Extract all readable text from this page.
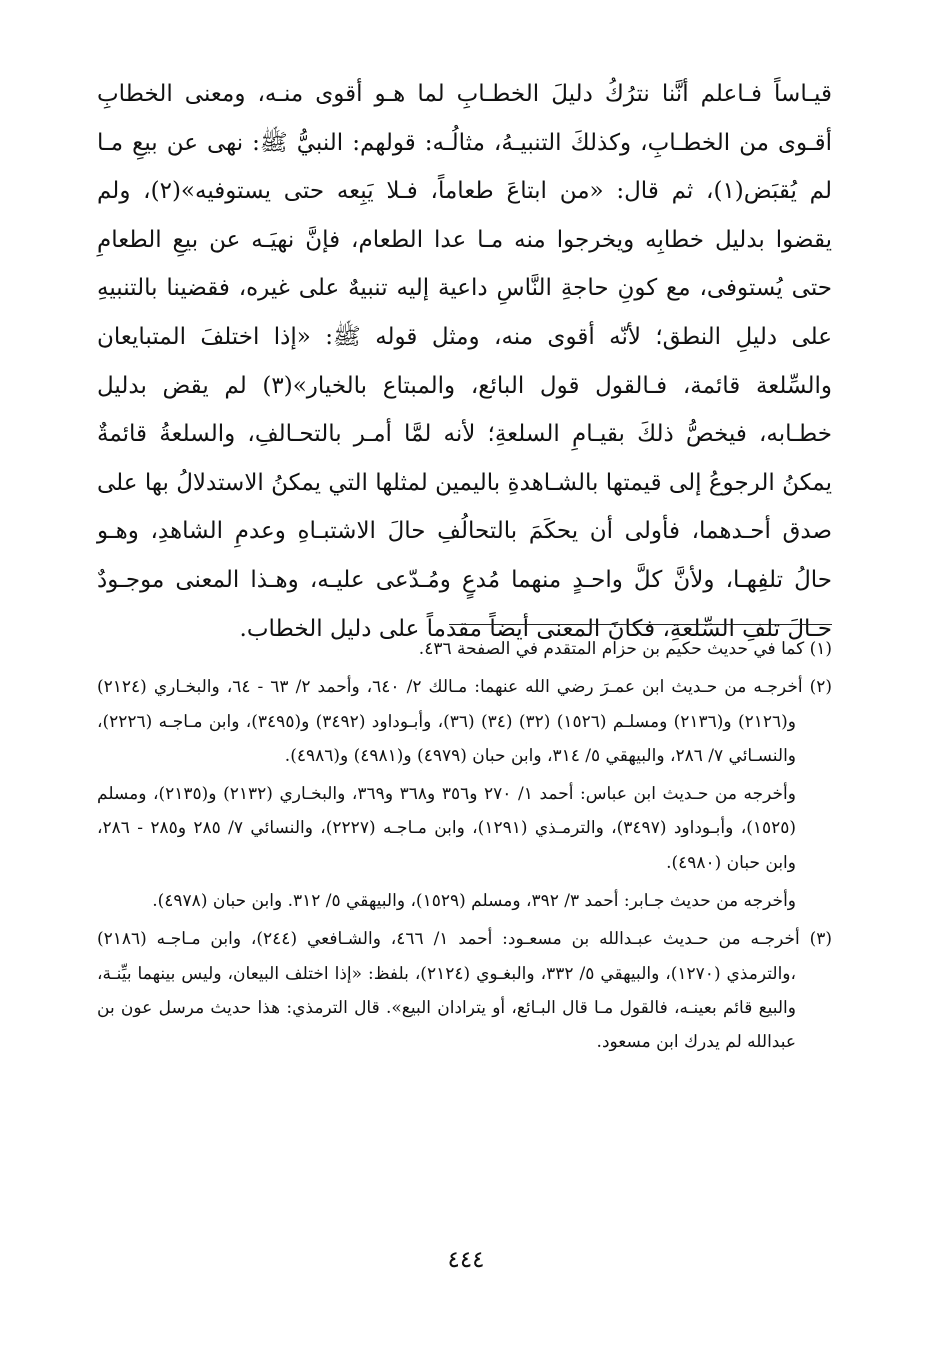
قيـاساً فـاعلم أنَّنا نترُكُ دليلَ الخطـابِ لما هـو أقوى منـه، ومعنى الخطابِ أقـوى من الخطـابِ، وكذلكَ التنبيـهُ، مثالُـه: قولهم: النبيُّ ﷺ: نهى عن بيعِ مـا لم يُقبَض(١)، ثم قال: «من ابتاعَ طعاماً، فـلا يَبِعه حتى يستوفيه»(٢)، ولم يقضوا بدليل خطابِه ويخرجوا منه مـا عدا الطعام، فإنَّ نهيَـه عن بيعِ الطعامِ حتى يُستوفى، مع كونِ حاجةِ النَّاسِ داعية إليه تنبيهٌ على غيره، فقضينا بالتنبيهِ على دليلِ النطق؛ لأنّه أقوى منه، ومثل قوله ﷺ: «إذا اختلفَ المتبايعان والسِّلعة قائمة، فـالقول قول البائع، والمبتاع بالخيار»(٣) لم يقض بدليل خطـابه، فيخصُّ ذلكَ بقيـامِ السلعةِ؛ لأنه لمَّا أمـر بالتحـالفِ، والسلعةُ قائمةٌ يمكنُ الرجوعُ إلى قيمتها بالشـاهدةِ باليمين لمثلها التي يمكنُ الاستدلالُ بها على صدق أحـدهما، فأولى أن يحكَمَ بالتحالُفِ حالَ الاشتبـاهِ وعدمِ الشاهدِ، وهـو حالُ تلفِهـا، ولأنَّ كلَّ واحـدٍ منهما مُدعٍ ومُـدّعى عليـه، وهـذا المعنى موجـودٌ حـالَ تلفِ السِّلعةِ، فكانَ المعنى أيضاً مقدماً على دليل الخطاب.

(١) كما في حديث حكيم بن حزام المتقدم في الصفحة ٤٣٦.

(٢) أخرجـه من حـديث ابن عمـرَ رضي الله عنهما: مـالك ٢/ ٦٤٠، وأحمد ٢/ ٦٣ - ٦٤، والبخـاري (٢١٢٤) و(٢١٢٦) و(٢١٣٦) ومسلـم (١٥٢٦) (٣٢) (٣٤) (٣٦)، وأبـوداود (٣٤٩٢) و(٣٤٩٥)، وابن مـاجـه (٢٢٢٦)، والنسـائي ٧/ ٢٨٦، والبيهقي ٥/ ٣١٤، وابن حبان (٤٩٧٩) و(٤٩٨١) و(٤٩٨٦).

وأخرجه من حـديث ابن عباس: أحمد ١/ ٢٧٠ و٣٥٦ و٣٦٨ و٣٦٩، والبخـاري (٢١٣٢) و(٢١٣٥)، ومسلم (١٥٢٥)، وأبـوداود (٣٤٩٧)، والترمـذي (١٢٩١)، وابن مـاجـه (٢٢٢٧)، والنسائي ٧/ ٢٨٥ و٢٨٥ - ٢٨٦، وابن حبان (٤٩٨٠).

وأخرجه من حديث جـابر: أحمد ٣/ ٣٩٢، ومسلم (١٥٢٩)، والبيهقي ٥/ ٣١٢. وابن حبان (٤٩٧٨).

(٣) أخرجـه من حـديث عبـدالله بن مسعـود: أحمد ١/ ٤٦٦، والشـافعي (٢٤٤)، وابن مـاجـه (٢١٨٦) ،والترمذي (١٢٧٠)، والبيهقي ٥/ ٣٣٢، والبغـوي (٢١٢٤)، بلفظ: «إذا اختلف البيعان، وليس بينهما بيِّنـة، والبيع قائم بعينـه، فالقول مـا قال البـائع، أو يترادان البيع». قال الترمذي: هذا حديث مرسل عون بن عبدالله لم يدرك ابن مسعود.

٤٤٤
